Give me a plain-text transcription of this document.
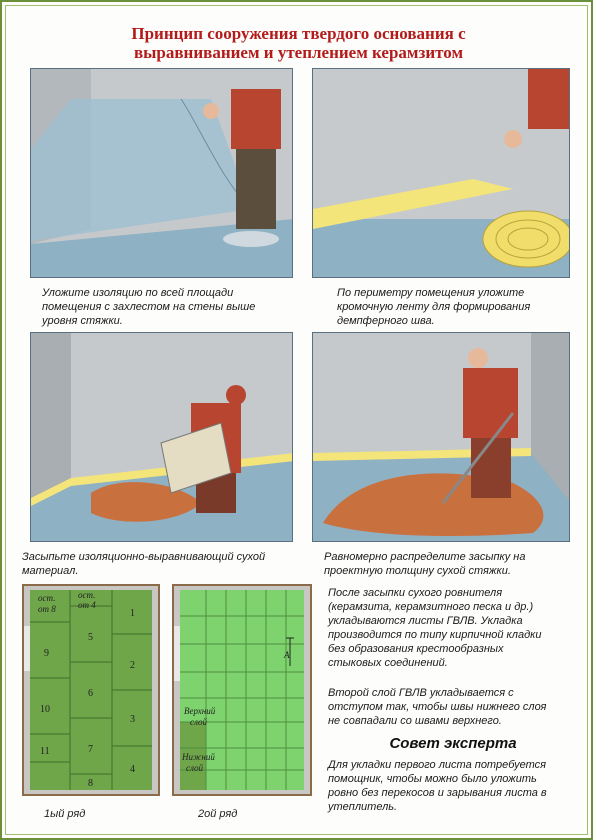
Принцип сооружения твердого основания с
выравниванием и утеплением керамзитом
Уложите изоляцию по всей площади
помещения с захлестом на стены выше
уровня стяжки.
По периметру помещения уложите
кромочную ленту для формирования
демпферного шва.
Засыпьте изоляционно-выравнивающий сухой
материал.
Равномерно распределите засыпку на
проектную толщину сухой стяжки.
ост.
от 8
ост.
от 4
1
2
3
4
5
6
7
8
9
10
11
1ый ряд
A
Верхний
слой
Нижний
слой
2ой ряд
После засыпки сухого ровнителя
(керамзита, керамзитного песка и др.)
укладываются листы ГВЛВ. Укладка
производится по типу кирпичной кладки
без образования крестообразных
стыковых соединений.
Второй слой ГВЛВ укладывается с
отступом так, чтобы швы нижнего слоя
не совпадали со швами верхнего.
Совет эксперта
Для укладки первого листа потребуется
помощник, чтобы можно было уложить
ровно без перекосов и зарывания листа в
утеплитель.
